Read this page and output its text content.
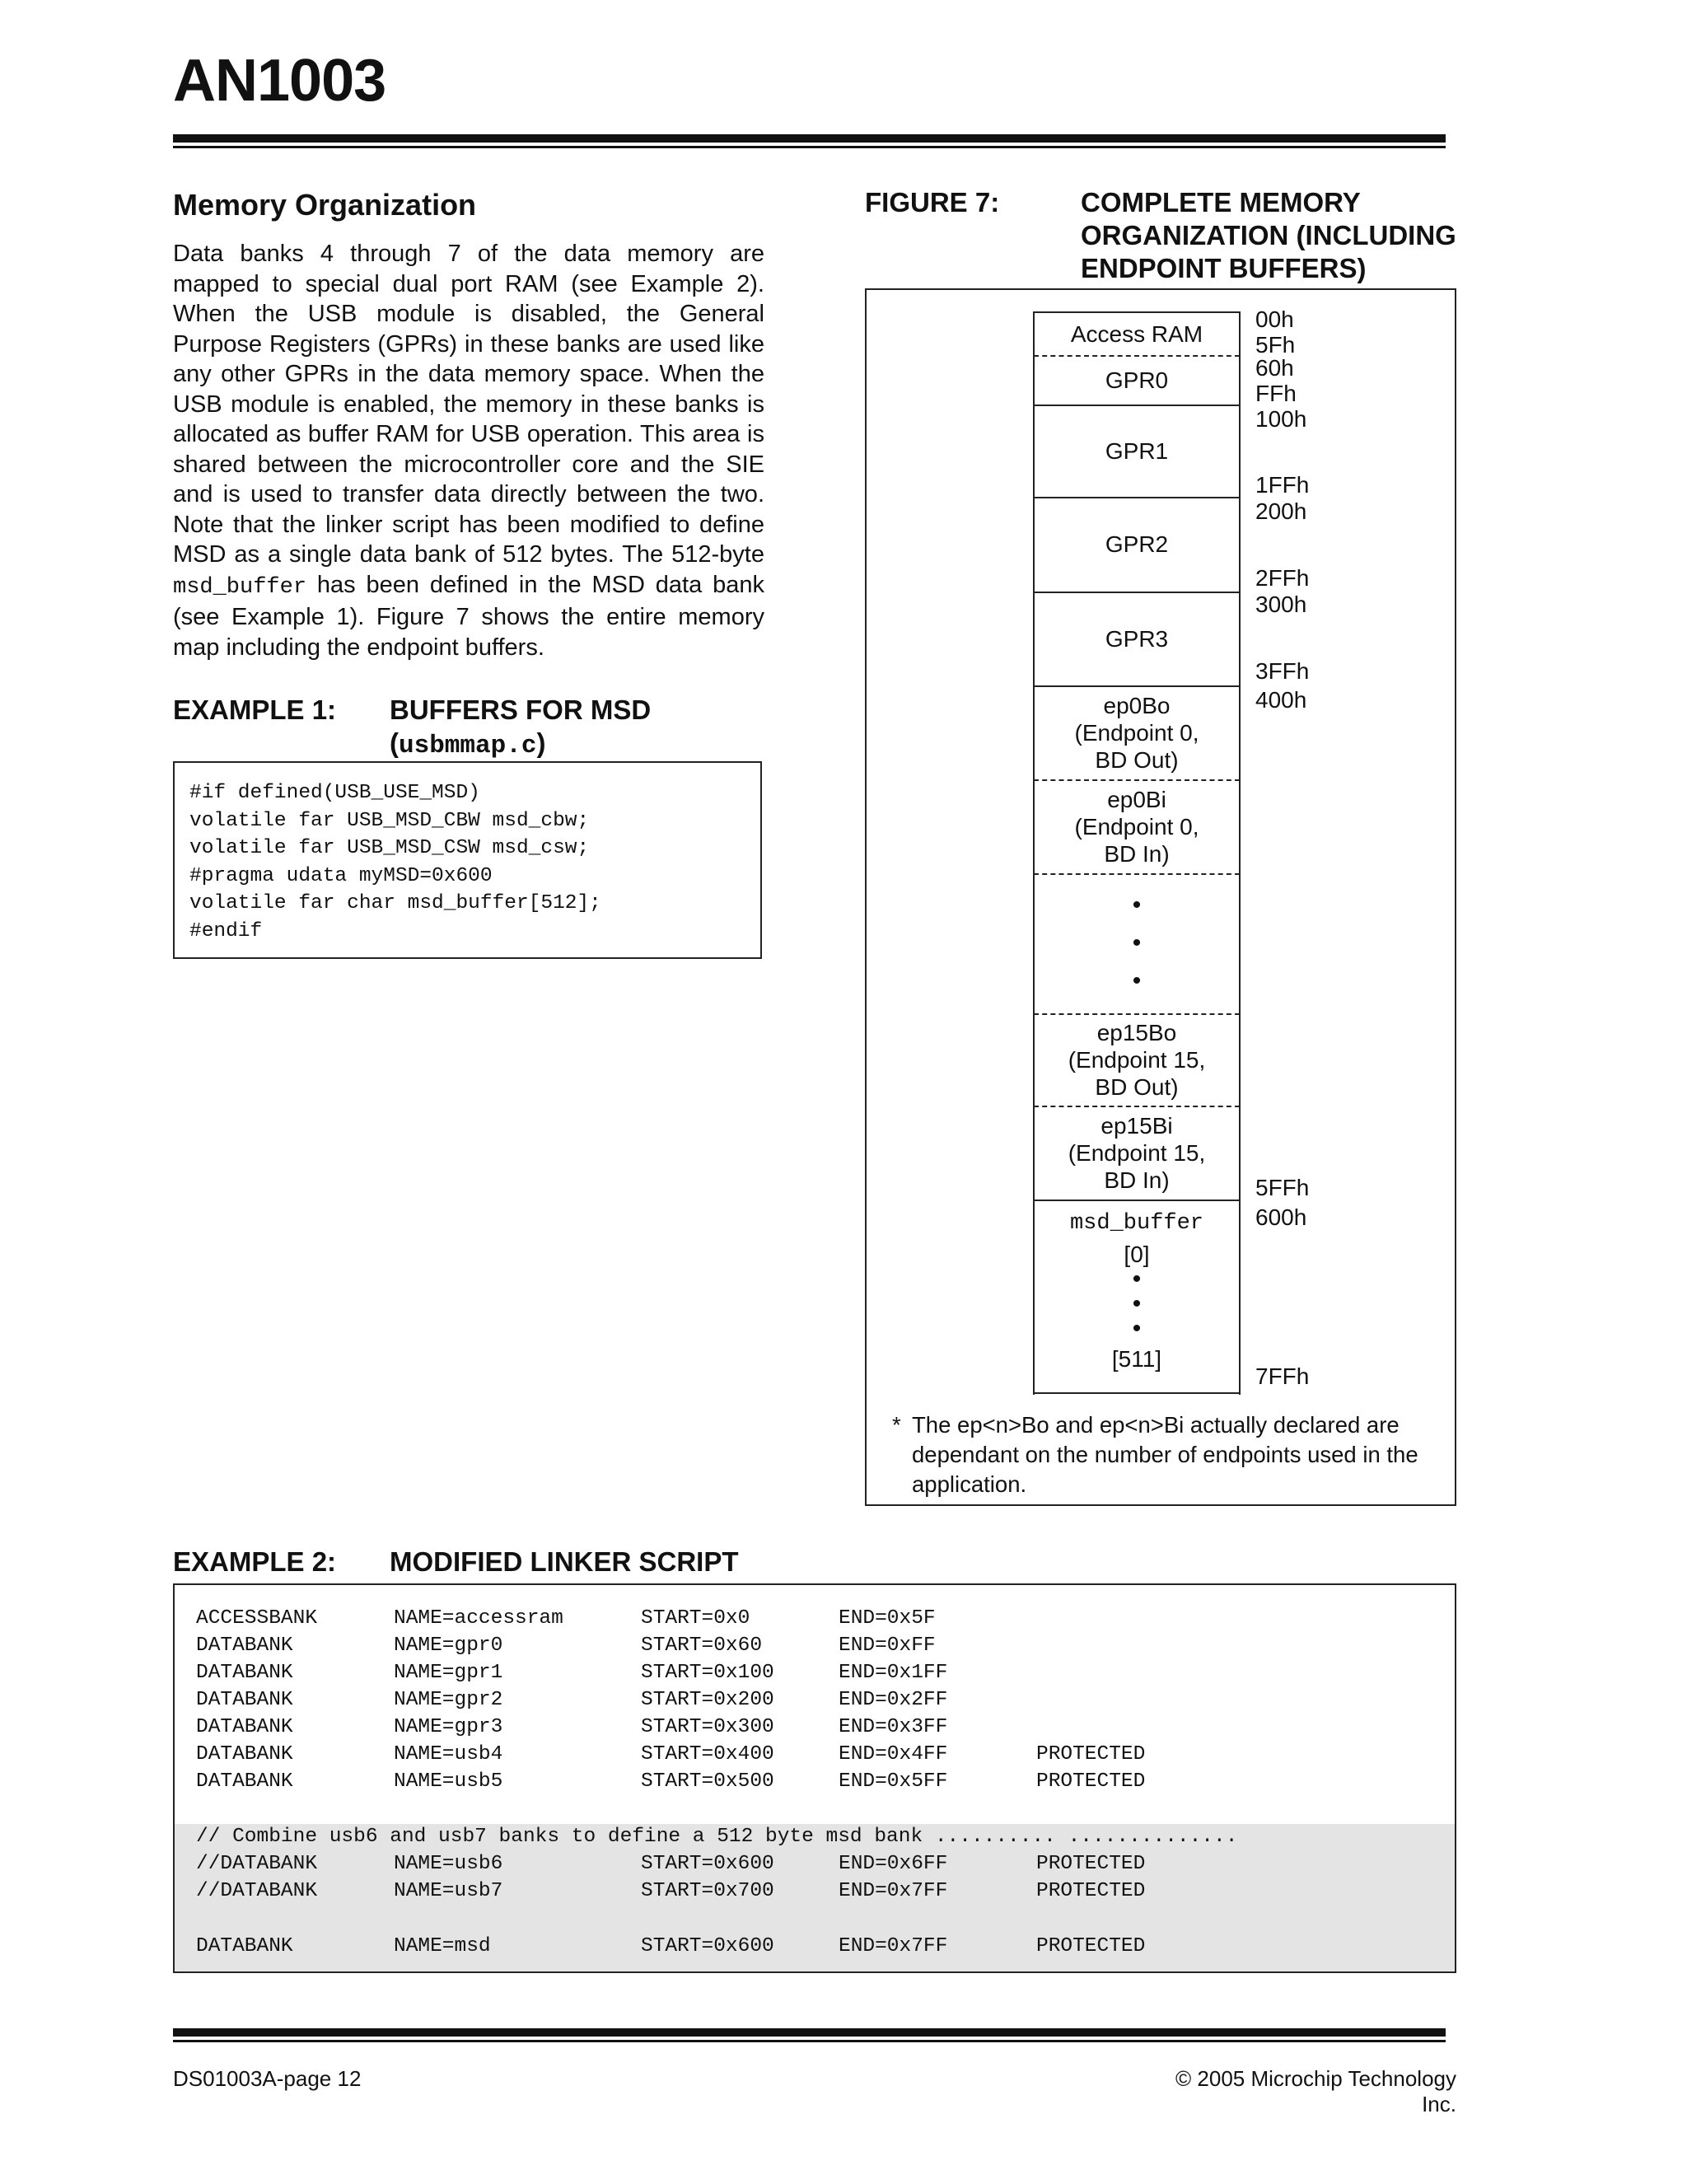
AN1003
Memory Organization
Data banks 4 through 7 of the data memory are mapped to special dual port RAM (see Example 2). When the USB module is disabled, the General Purpose Registers (GPRs) in these banks are used like any other GPRs in the data memory space. When the USB module is enabled, the memory in these banks is allocated as buffer RAM for USB operation. This area is shared between the microcontroller core and the SIE and is used to transfer data directly between the two. Note that the linker script has been modified to define MSD as a single data bank of 512 bytes. The 512-byte msd_buffer has been defined in the MSD data bank (see Example 1). Figure 7 shows the entire memory map including the endpoint buffers.
EXAMPLE 1: BUFFERS FOR MSD
(usbmmap.c)
#if defined(USB_USE_MSD)
volatile far USB_MSD_CBW msd_cbw;
volatile far USB_MSD_CSW msd_csw;
#pragma udata myMSD=0x600
volatile far char msd_buffer[512];
#endif
FIGURE 7:	COMPLETE MEMORY
ORGANIZATION (INCLUDING
ENDPOINT BUFFERS)
Access RAM
GPR0
GPR1
GPR2
GPR3
ep0Bo
(Endpoint 0,
BD Out)
ep0Bi
(Endpoint 0,
BD In)
•
•
•
ep15Bo
(Endpoint 15,
BD Out)
ep15Bi
(Endpoint 15,
BD In)
msd_buffer
[0]
•
•
•
[511]
00h
5Fh
60h
FFh
100h
1FFh
200h
2FFh
300h
3FFh
400h
5FFh
600h
7FFh
* The ep<n>Bo and ep<n>Bi actually declared are dependant on the number of endpoints used in the application.
EXAMPLE 2: MODIFIED LINKER SCRIPT
ACCESSBANK	NAME=accessram	START=0x0	END=0x5F
DATABANK	NAME=gpr0	START=0x60	END=0xFF
DATABANK	NAME=gpr1	START=0x100	END=0x1FF
DATABANK	NAME=gpr2	START=0x200	END=0x2FF
DATABANK	NAME=gpr3	START=0x300	END=0x3FF
DATABANK	NAME=usb4	START=0x400	END=0x4FF	PROTECTED
DATABANK	NAME=usb5	START=0x500	END=0x5FF	PROTECTED
// Combine usb6 and usb7 banks to define a 512 byte msd bank .......... ..............
//DATABANK	NAME=usb6	START=0x600	END=0x6FF	PROTECTED
//DATABANK	NAME=usb7	START=0x700	END=0x7FF	PROTECTED
DATABANK	NAME=msd	START=0x600	END=0x7FF	PROTECTED
DS01003A-page 12	© 2005 Microchip Technology Inc.
